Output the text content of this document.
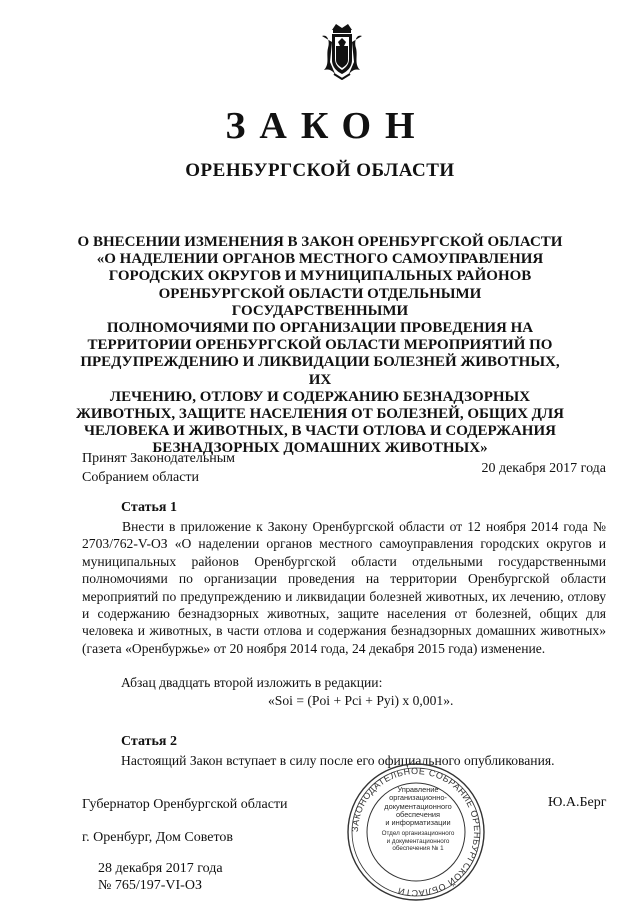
ЗАКОН
ОРЕНБУРГСКОЙ ОБЛАСТИ
О ВНЕСЕНИИ ИЗМЕНЕНИЯ В ЗАКОН ОРЕНБУРГСКОЙ ОБЛАСТИ
«О НАДЕЛЕНИИ ОРГАНОВ МЕСТНОГО САМОУПРАВЛЕНИЯ
ГОРОДСКИХ ОКРУГОВ И МУНИЦИПАЛЬНЫХ РАЙОНОВ
ОРЕНБУРГСКОЙ ОБЛАСТИ ОТДЕЛЬНЫМИ ГОСУДАРСТВЕННЫМИ
ПОЛНОМОЧИЯМИ ПО ОРГАНИЗАЦИИ ПРОВЕДЕНИЯ НА
ТЕРРИТОРИИ ОРЕНБУРГСКОЙ ОБЛАСТИ МЕРОПРИЯТИЙ ПО
ПРЕДУПРЕЖДЕНИЮ И ЛИКВИДАЦИИ БОЛЕЗНЕЙ ЖИВОТНЫХ, ИХ
ЛЕЧЕНИЮ, ОТЛОВУ И СОДЕРЖАНИЮ БЕЗНАДЗОРНЫХ
ЖИВОТНЫХ, ЗАЩИТЕ НАСЕЛЕНИЯ ОТ БОЛЕЗНЕЙ, ОБЩИХ ДЛЯ
ЧЕЛОВЕКА И ЖИВОТНЫХ, В ЧАСТИ ОТЛОВА И СОДЕРЖАНИЯ
БЕЗНАДЗОРНЫХ ДОМАШНИХ ЖИВОТНЫХ»
Принят Законодательным
Собранием области
20 декабря 2017 года
Статья 1
Внести в приложение к Закону Оренбургской области от 12 ноября 2014 года № 2703/762-V-ОЗ «О наделении органов местного самоуправления городских округов и муниципальных районов Оренбургской области отдельными государственными полномочиями по организации проведения на территории Оренбургской области мероприятий по предупреждению и ликвидации болезней животных, их лечению, отлову и содержанию безнадзорных животных, защите населения от болезней, общих для человека и животных, в части отлова и содержания безнадзорных домашних животных» (газета «Оренбуржье» от 20 ноября 2014 года, 24 декабря 2015 года) изменение.
Абзац двадцать второй изложить в редакции:
«Soi = (Poi + Pci + Pyi) х 0,001».
Статья 2
Настоящий Закон вступает в силу после его официального опубликования.
Губернатор Оренбургской области	Ю.А.Берг
г. Оренбург, Дом Советов
28 декабря 2017 года
№ 765/197-VI-ОЗ
ЗАКОНОДАТЕЛЬНОЕ СОБРАНИЕ ОРЕНБУРГСКОЙ ОБЛАСТИ
Управление
организационно-
документационного
обеспечения
и информатизации
Отдел организационного
и документационного
обеспечения № 1
